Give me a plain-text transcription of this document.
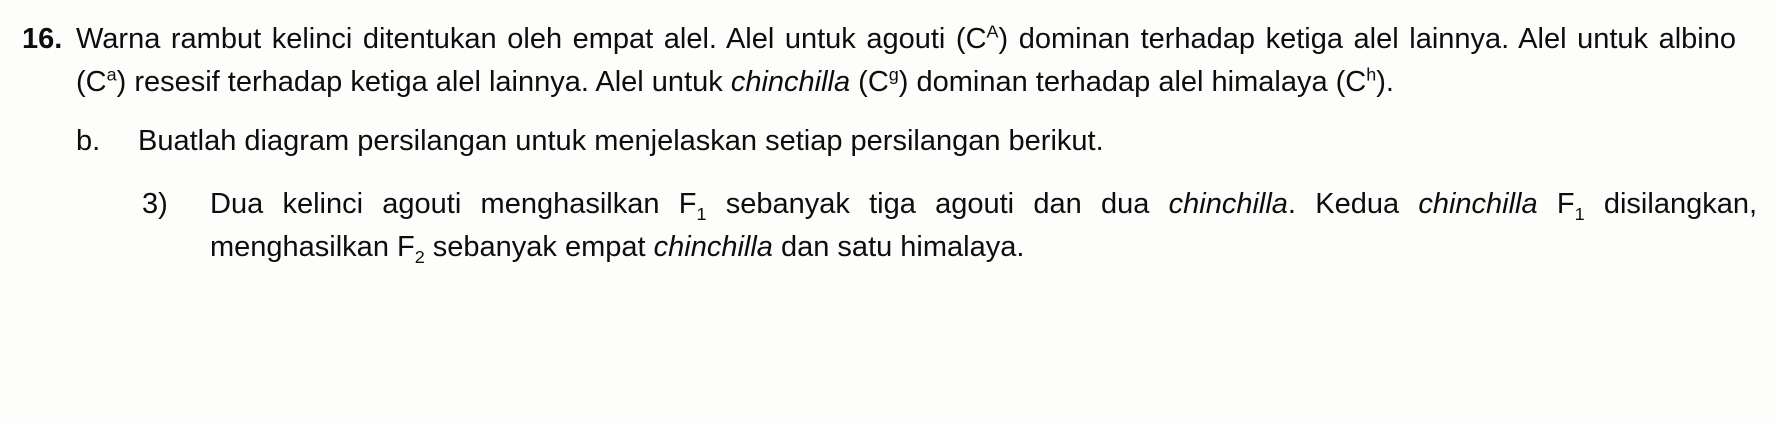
16. Warna rambut kelinci ditentukan oleh empat alel. Alel untuk agouti $(C^A)$ dominan terhadap ketiga alel lainnya. Alel untuk albino $(C^a)$ resesif terhadap ketiga alel lainnya. Alel untuk chinchilla $(C^g)$ dominan terhadap alel himalaya $(C^h)$.

b.	Buatlah diagram persilangan untuk menjelaskan setiap persilangan berikut.
3)	Dua kelinci agouti menghasilkan $F_1$ sebanyak tiga agouti dan dua chinchilla. Kedua chinchilla $F_1$ disilangkan, menghasilkan $F_2$ sebanyak empat chinchilla dan satu himalaya.
